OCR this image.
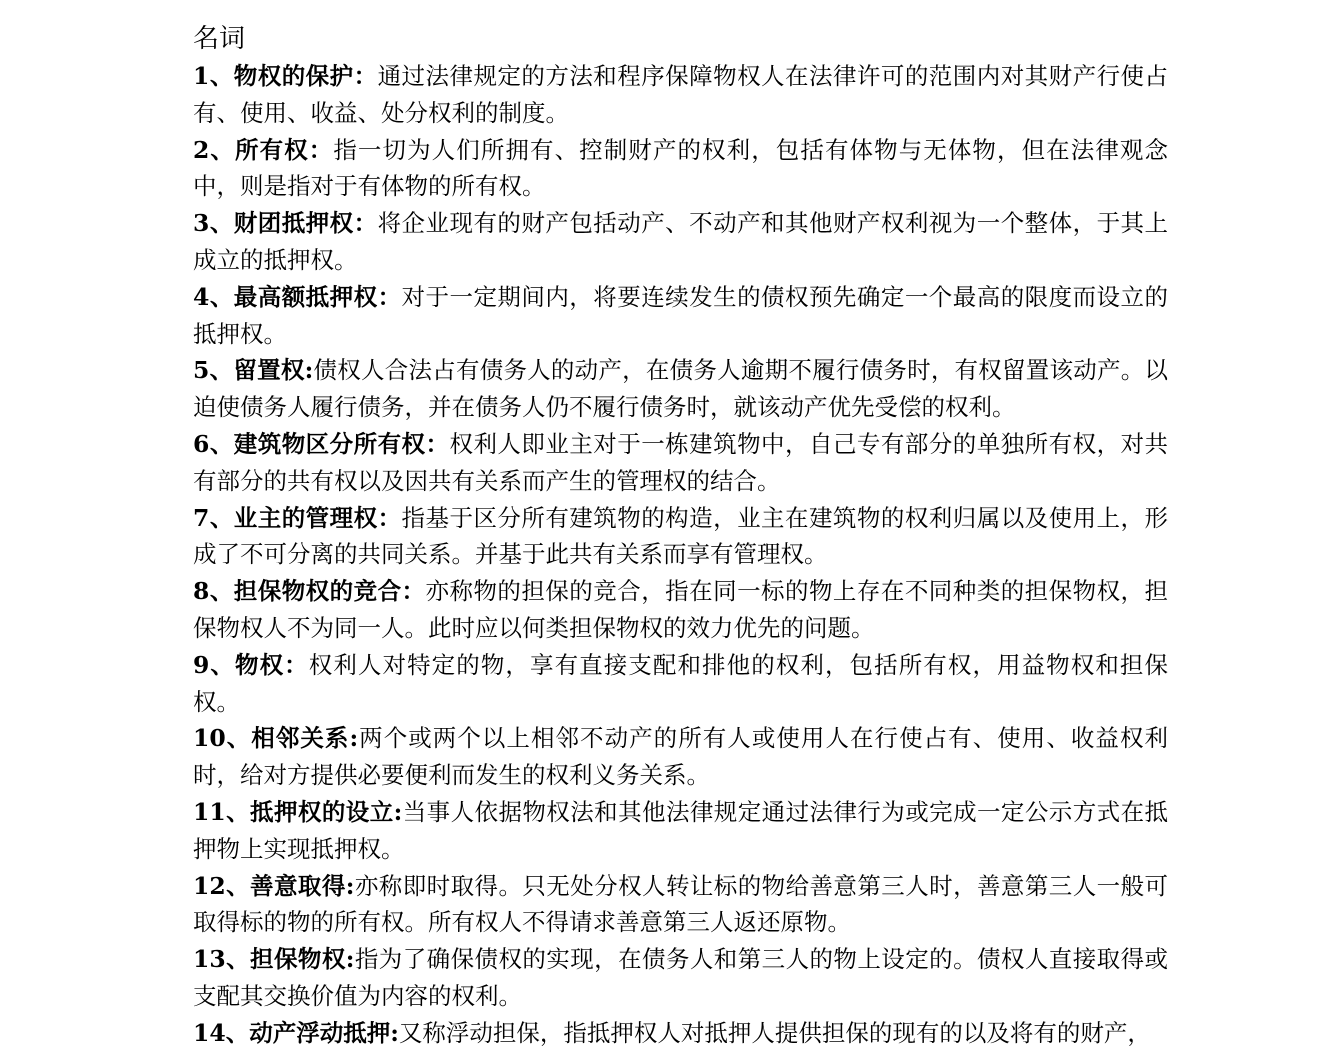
名词
1、物权的保护：通过法律规定的方法和程序保障物权人在法律许可的范围内对其财产行使占有、使用、收益、处分权利的制度。
2、所有权：指一切为人们所拥有、控制财产的权利，包括有体物与无体物，但在法律观念中，则是指对于有体物的所有权。
3、财团抵押权：将企业现有的财产包括动产、不动产和其他财产权利视为一个整体，于其上成立的抵押权。
4、最高额抵押权：对于一定期间内，将要连续发生的债权预先确定一个最高的限度而设立的抵押权。
5、留置权:债权人合法占有债务人的动产，在债务人逾期不履行债务时，有权留置该动产。以迫使债务人履行债务，并在债务人仍不履行债务时，就该动产优先受偿的权利。
6、建筑物区分所有权：权利人即业主对于一栋建筑物中，自己专有部分的单独所有权，对共有部分的共有权以及因共有关系而产生的管理权的结合。
7、业主的管理权：指基于区分所有建筑物的构造，业主在建筑物的权利归属以及使用上，形成了不可分离的共同关系。并基于此共有关系而享有管理权。
8、担保物权的竞合：亦称物的担保的竞合，指在同一标的物上存在不同种类的担保物权，担保物权人不为同一人。此时应以何类担保物权的效力优先的问题。
9、物权：权利人对特定的物，享有直接支配和排他的权利，包括所有权，用益物权和担保权。
10、相邻关系:两个或两个以上相邻不动产的所有人或使用人在行使占有、使用、收益权利时，给对方提供必要便利而发生的权利义务关系。
11、抵押权的设立:当事人依据物权法和其他法律规定通过法律行为或完成一定公示方式在抵押物上实现抵押权。
12、善意取得:亦称即时取得。只无处分权人转让标的物给善意第三人时，善意第三人一般可取得标的物的所有权。所有权人不得请求善意第三人返还原物。
13、担保物权:指为了确保债权的实现，在债务人和第三人的物上设定的。债权人直接取得或支配其交换价值为内容的权利。
14、动产浮动抵押:又称浮动担保，指抵押权人对抵押人提供担保的现有的以及将有的财产，
